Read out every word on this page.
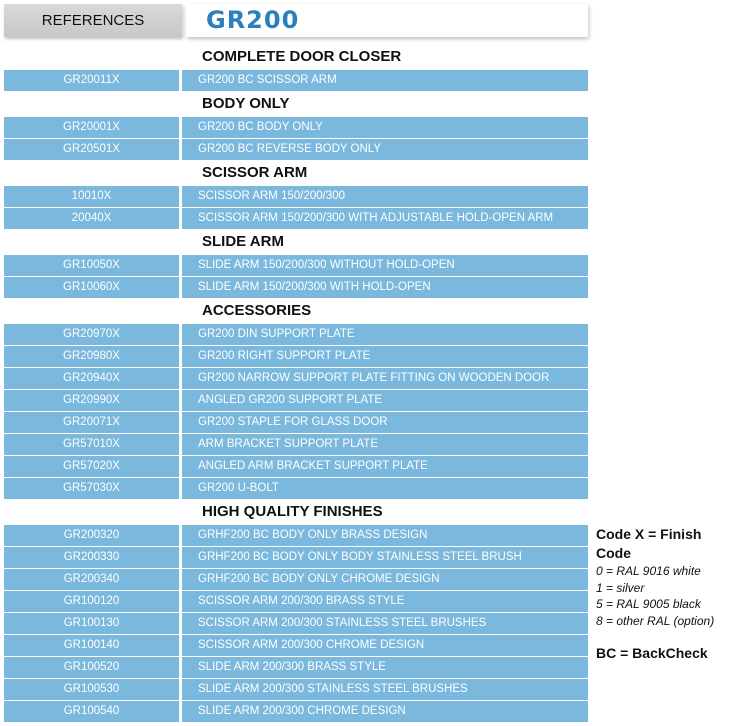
REFERENCES	GR200
COMPLETE DOOR CLOSER
GR20011X	GR200 BC SCISSOR ARM
BODY ONLY
GR20001X	GR200 BC BODY ONLY
GR20501X	GR200 BC REVERSE BODY ONLY
SCISSOR ARM
10010X	SCISSOR ARM 150/200/300
20040X	SCISSOR ARM 150/200/300 WITH ADJUSTABLE HOLD-OPEN ARM
SLIDE ARM
GR10050X	SLIDE ARM 150/200/300 WITHOUT HOLD-OPEN
GR10060X	SLIDE ARM 150/200/300 WITH HOLD-OPEN
ACCESSORIES
GR20970X	GR200 DIN SUPPORT PLATE
GR20980X	GR200 RIGHT SUPPORT PLATE
GR20940X	GR200 NARROW SUPPORT PLATE FITTING ON WOODEN DOOR
GR20990X	ANGLED GR200 SUPPORT PLATE
GR20071X	GR200 STAPLE FOR GLASS DOOR
GR57010X	ARM BRACKET SUPPORT PLATE
GR57020X	ANGLED ARM BRACKET SUPPORT PLATE
GR57030X	GR200 U-BOLT
HIGH QUALITY FINISHES
GR200320	GRHF200 BC BODY ONLY BRASS DESIGN
GR200330	GRHF200 BC BODY ONLY BODY STAINLESS STEEL BRUSH
GR200340	GRHF200 BC BODY ONLY CHROME DESIGN
GR100120	SCISSOR ARM 200/300 BRASS STYLE
GR100130	SCISSOR ARM 200/300 STAINLESS STEEL BRUSHES
GR100140	SCISSOR ARM 200/300 CHROME DESIGN
GR100520	SLIDE ARM 200/300 BRASS STYLE
GR100530	SLIDE ARM 200/300 STAINLESS STEEL BRUSHES
GR100540	SLIDE ARM 200/300 CHROME DESIGN
Code X = Finish Code
0 = RAL 9016 white
1 = silver
5 = RAL 9005 black
8 = other RAL (option)
BC = BackCheck
